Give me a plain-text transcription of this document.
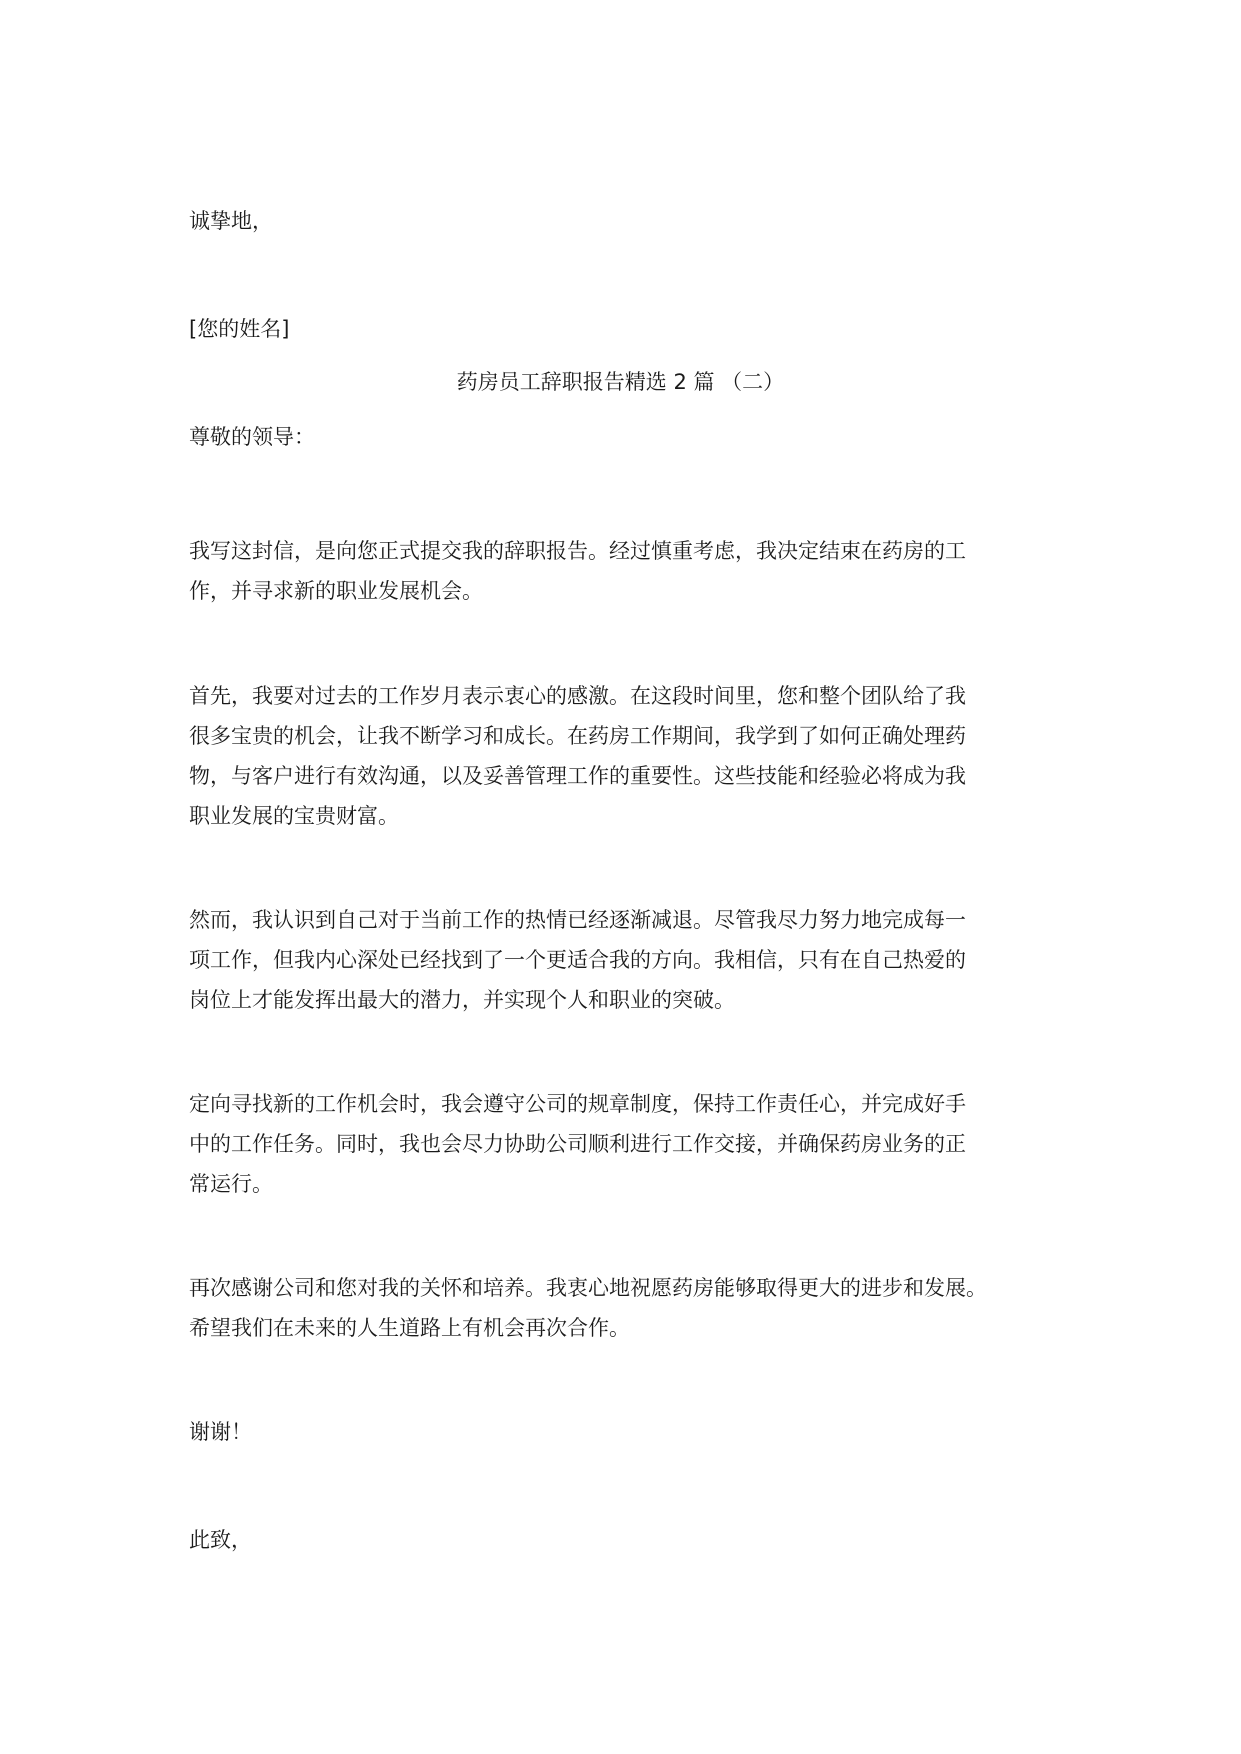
诚挚地，
[您的姓名]
药房员工辞职报告精选 2 篇 （二）
尊敬的领导：
我写这封信，是向您正式提交我的辞职报告。经过慎重考虑，我决定结束在药房的工
作，并寻求新的职业发展机会。
首先，我要对过去的工作岁月表示衷心的感激。在这段时间里，您和整个团队给了我
很多宝贵的机会，让我不断学习和成长。在药房工作期间，我学到了如何正确处理药
物，与客户进行有效沟通，以及妥善管理工作的重要性。这些技能和经验必将成为我
职业发展的宝贵财富。
然而，我认识到自己对于当前工作的热情已经逐渐减退。尽管我尽力努力地完成每一
项工作，但我内心深处已经找到了一个更适合我的方向。我相信，只有在自己热爱的
岗位上才能发挥出最大的潜力，并实现个人和职业的突破。
定向寻找新的工作机会时，我会遵守公司的规章制度，保持工作责任心，并完成好手
中的工作任务。同时，我也会尽力协助公司顺利进行工作交接，并确保药房业务的正
常运行。
再次感谢公司和您对我的关怀和培养。我衷心地祝愿药房能够取得更大的进步和发展。
希望我们在未来的人生道路上有机会再次合作。
谢谢！
此致，
